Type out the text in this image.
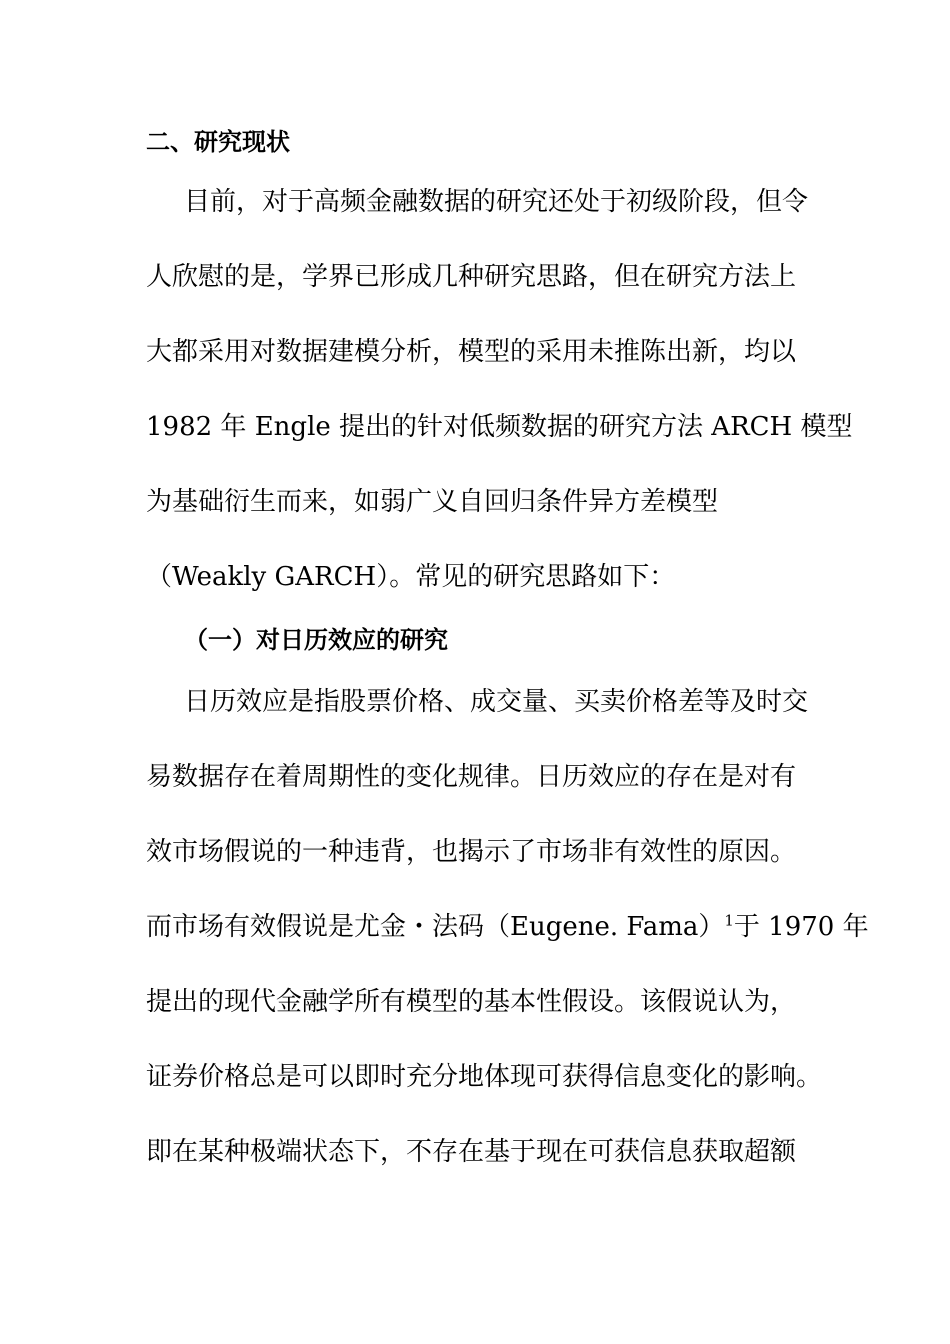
二、研究现状
目前，对于高频金融数据的研究还处于初级阶段，但令
人欣慰的是，学界已形成几种研究思路，但在研究方法上
大都采用对数据建模分析，模型的采用未推陈出新，均以
1982 年 Engle 提出的针对低频数据的研究方法 ARCH 模型
为基础衍生而来，如弱广义自回归条件异方差模型
（Weakly GARCH）。常见的研究思路如下：
（一）对日历效应的研究
日历效应是指股票价格、成交量、买卖价格差等及时交
易数据存在着周期性的变化规律。日历效应的存在是对有
效市场假说的一种违背，也揭示了市场非有效性的原因。
而市场有效假说是尤金・法码（Eugene. Fama）$^1$于 1970 年
提出的现代金融学所有模型的基本性假设。该假说认为，
证券价格总是可以即时充分地体现可获得信息变化的影响。
即在某种极端状态下，不存在基于现在可获信息获取超额
